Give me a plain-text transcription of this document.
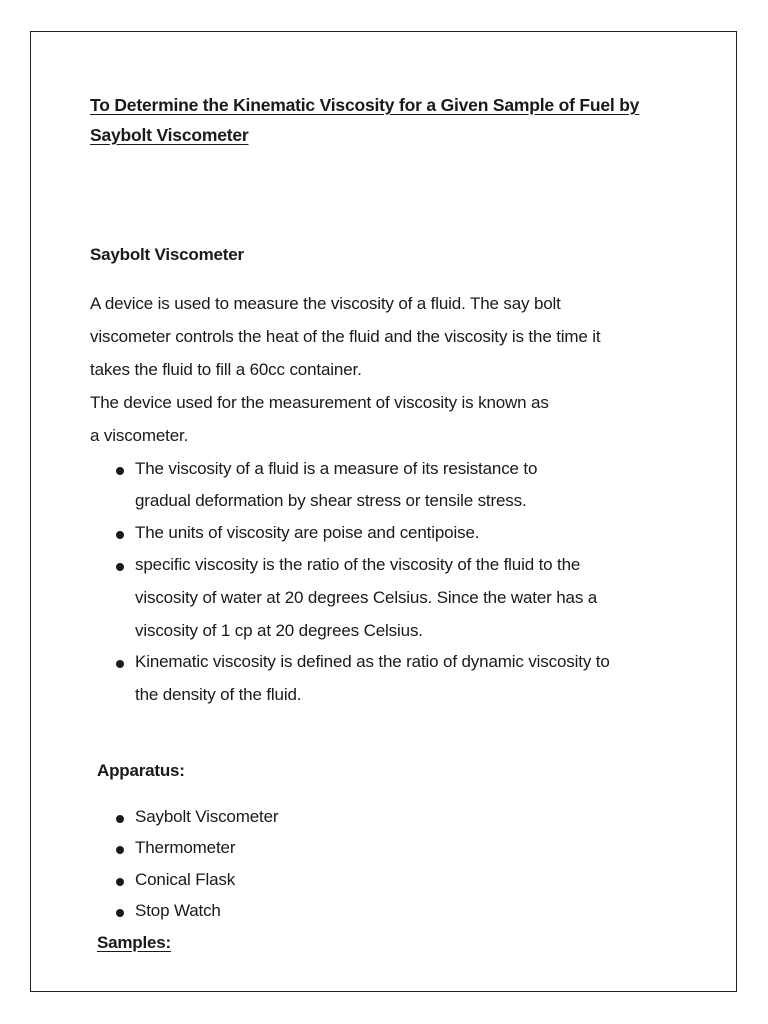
To Determine the Kinematic Viscosity for a Given Sample of Fuel by
Saybolt Viscometer
Saybolt Viscometer
A device is used to measure the viscosity of a fluid. The say bolt
viscometer controls the heat of the fluid and the viscosity is the time it
takes the fluid to fill a 60cc container.
The device used for the measurement of viscosity is known as
a viscometer.
The viscosity of a fluid is a measure of its resistance to
gradual deformation by shear stress or tensile stress.
The units of viscosity are poise and centipoise.
specific viscosity is the ratio of the viscosity of the fluid to the
viscosity of water at 20 degrees Celsius. Since the water has a
viscosity of 1 cp at 20 degrees Celsius.
Kinematic viscosity is defined as the ratio of dynamic viscosity to
the density of the fluid.
Apparatus:
Saybolt Viscometer
Thermometer
Conical Flask
Stop Watch
Samples:
